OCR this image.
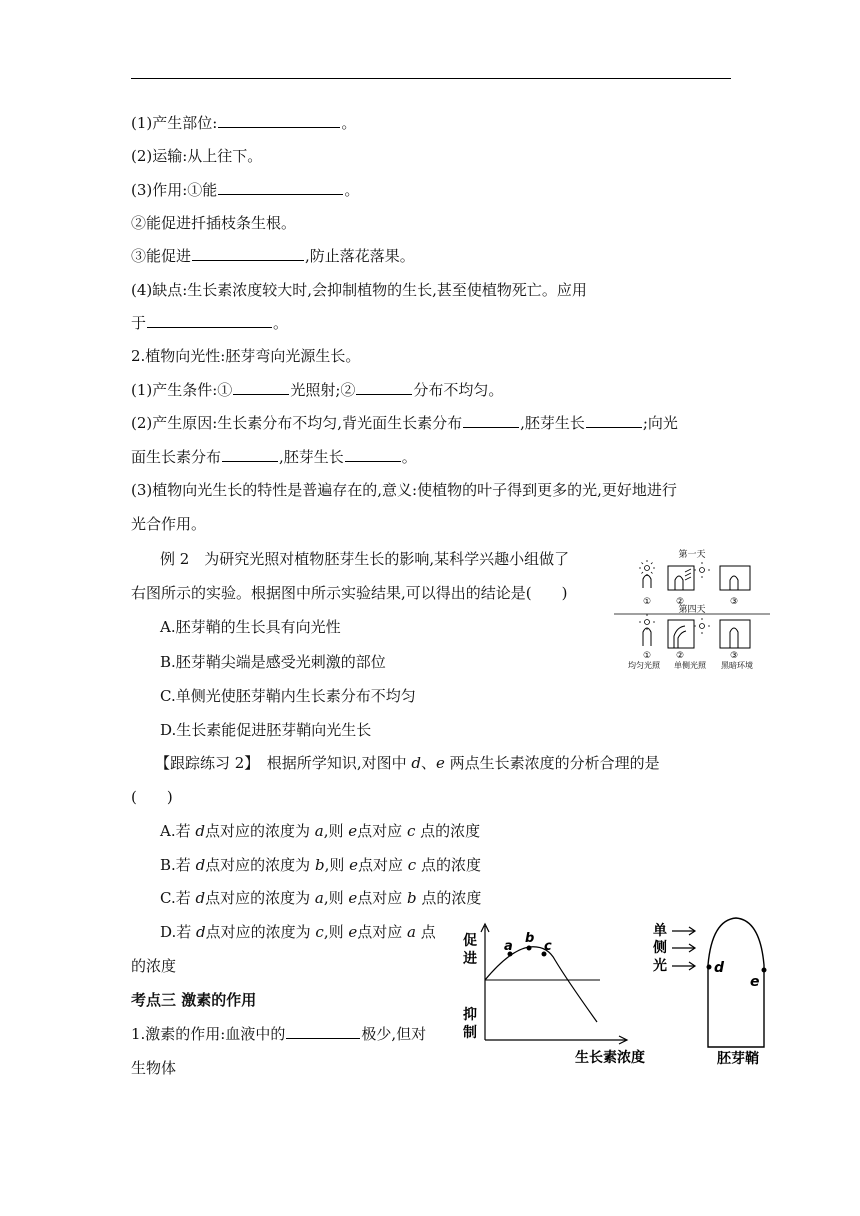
(1)产生部位:	。
(2)运输:从上往下。
(3)作用:①能	。
②能促进扦插枝条生根。
③能促进	,防止落花落果。
(4)缺点:生长素浓度较大时,会抑制植物的生长,甚至使植物死亡。应用
于	。
2.植物向光性:胚芽弯向光源生长。
(1)产生条件:①	光照射;②	分布不均匀。
(2)产生原因:生长素分布不均匀,背光面生长素分布	,胚芽生长	;向光
面生长素分布	,胚芽生长	。
(3)植物向光生长的特性是普遍存在的,意义:使植物的叶子得到更多的光,更好地进行
光合作用。
例 2　为研究光照对植物胚芽生长的影响,某科学兴趣小组做了
右图所示的实验。根据图中所示实验结果,可以得出的结论是(　　)
A.胚芽鞘的生长具有向光性
B.胚芽鞘尖端是感受光刺激的部位
C.单侧光使胚芽鞘内生长素分布不均匀
D.生长素能促进胚芽鞘向光生长
【跟踪练习 2】　根据所学知识,对图中 d、e 两点生长素浓度的分析合理的是
(　　)
A.若 d点对应的浓度为 a,则 e点对应 c 点的浓度
B.若 d点对应的浓度为 b,则 e点对应 c 点的浓度
C.若 d点对应的浓度为 a,则 e点对应 b 点的浓度
D.若 d点对应的浓度为 c,则 e点对应 a 点
的浓度
考点三 激素的作用
1.激素的作用:血液中的	极少,但对
生物体
第一天
①	②	③
第四天
①	②	③
均匀光照 单侧光照 黑暗环境
促
进
抑
制
a
b
c
生长素浓度
单
侧
光	d
e
胚芽鞘
